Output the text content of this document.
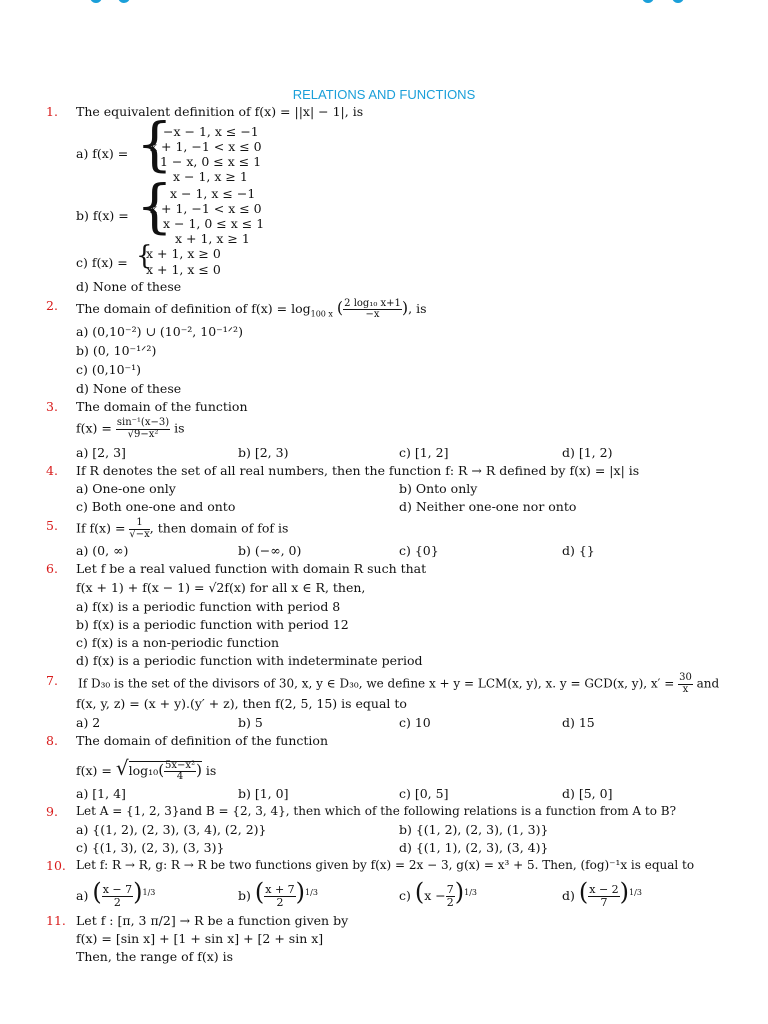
RELATIONS AND FUNCTIONS
1. The equivalent definition of f(x) = ||x| − 1|, is
a) f(x) = {
−x − 1, x ≤ −1
x + 1, −1 < x ≤ 0
1 − x, 0 ≤ x ≤ 1
x − 1, x ≥ 1
b) f(x) = {
x − 1, x ≤ −1
x + 1, −1 < x ≤ 0
x − 1, 0 ≤ x ≤ 1
x + 1, x ≥ 1
c) f(x) = {
x + 1, x ≥ 0
x + 1, x ≤ 0
d) None of these
2. The domain of definition of $f(x) = \log_{100 x}$ ( $\frac{\text{2 log₁₀ x+1}}{-x}$ ), is
a) (0,10⁻²) ∪ (10⁻², 10⁻¹ᐟ²)
b) (0, 10⁻¹ᐟ²)
c) (0,10⁻¹)
d) None of these
3. The domain of the function
$f(x) = \frac{\text{sin⁻¹(x−3)}}{\text{√9−x²}}$ is
a) [2, 3]	b) [2, 3)	c) [1, 2]	d) [1, 2)
4. If R denotes the set of all real numbers, then the function f: R → R defined by f(x) = |x| is
a) One-one only	b) Onto only
c) Both one-one and onto	d) Neither one-one nor onto
5. If $f(x) = \frac{1}{√-x}$ , then domain of fof is
a) (0, ∞)	b) (−∞, 0)	c) {0}	d) {}
6. Let f be a real valued function with domain R such that
f(x + 1) + f(x − 1) = √2f(x) for all x ∈ R, then,
a) f(x) is a periodic function with period 8
b) f(x) is a periodic function with period 12
c) f(x) is a non-periodic function
d) f(x) is a periodic function with indeterminate period
7. If D₃₀ is the set of the divisors of 30, x, y ∈ D₃₀, we define x + y = LCM(x, y), x. y = GCD(x, y), $x' = \frac{30}{x}$ and
f(x, y, z) = (x + y).(y′ + z), then f(2, 5, 15) is equal to
a) 2	b) 5	c) 10	d) 15
8. The domain of definition of the function
$f(x) = √\log_{10}( \frac{\text{5x−x²}}{4}$ ) is
a) [1, 4]	b) [1, 0]	c) [0, 5]	d) [5, 0]
9. Let A = {1, 2, 3}and B = {2, 3, 4}, then which of the following relations is a function from A to B?
a) {(1, 2), (2, 3), (3, 4), (2, 2)}	b) {(1, 2), (2, 3), (1, 3)}
c) {(1, 3), (2, 3), (3, 3)}	d) {(1, 1), (2, 3), (3, 4)}
10. Let f: R → R, g: R → R be two functions given by f(x) = 2x − 3, g(x) = x³ + 5. Then, (fog)⁻¹x is equal to
a) ( $\frac{x - 7}{2} )^{1/3}$	b) ( $\frac{x + 7}{2} )^{1/3}$	c) $(x - \frac{7}{2} )^{1/3}$	d) ( $\frac{x - 2}{7} )^{1/3}$
11. Let f : [π, 3 π/2] → R be a function given by
f(x) = [sin x] + [1 + sin x] + [2 + sin x]
Then, the range of f(x) is
